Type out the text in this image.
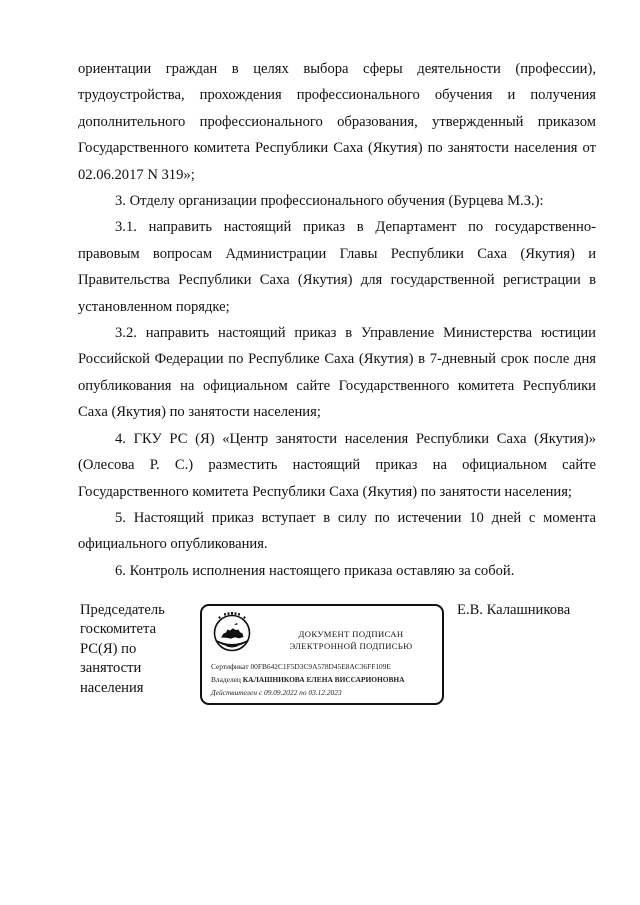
ориентации граждан в целях выбора сферы деятельности (профессии), трудоустройства, прохождения профессионального обучения и получения дополнительного профессионального образования, утвержденный приказом Государственного комитета Республики Саха (Якутия) по занятости населения от 02.06.2017 N 319»;

3. Отделу организации профессионального обучения (Бурцева М.З.):

3.1. направить настоящий приказ в Департамент по государственно-правовым вопросам Администрации Главы Республики Саха (Якутия) и Правительства Республики Саха (Якутия) для государственной регистрации в установленном порядке;

3.2. направить настоящий приказ в Управление Министерства юстиции Российской Федерации по Республике Саха (Якутия) в 7-дневный срок после дня опубликования на официальном сайте Государственного комитета Республики Саха (Якутия) по занятости населения;

4. ГКУ РС (Я) «Центр занятости населения Республики Саха (Якутия)» (Олесова Р. С.) разместить настоящий приказ на официальном сайте Государственного комитета Республики Саха (Якутия) по занятости населения;

5. Настоящий приказ вступает в силу по истечении 10 дней с момента официального опубликования.

6. Контроль исполнения настоящего приказа оставляю за собой.

Председатель
госкомитета
РС(Я) по
занятости
населения
ДОКУМЕНТ ПОДПИСАН
ЭЛЕКТРОННОЙ ПОДПИСЬЮ
Сертификат 00FB642C1F5D3C9A578D45E8AC36FF109E
Владелец КАЛАШНИКОВА ЕЛЕНА ВИССАРИОНОВНА
Действителен с 09.09.2022 по 03.12.2023
Е.В. Калашникова
